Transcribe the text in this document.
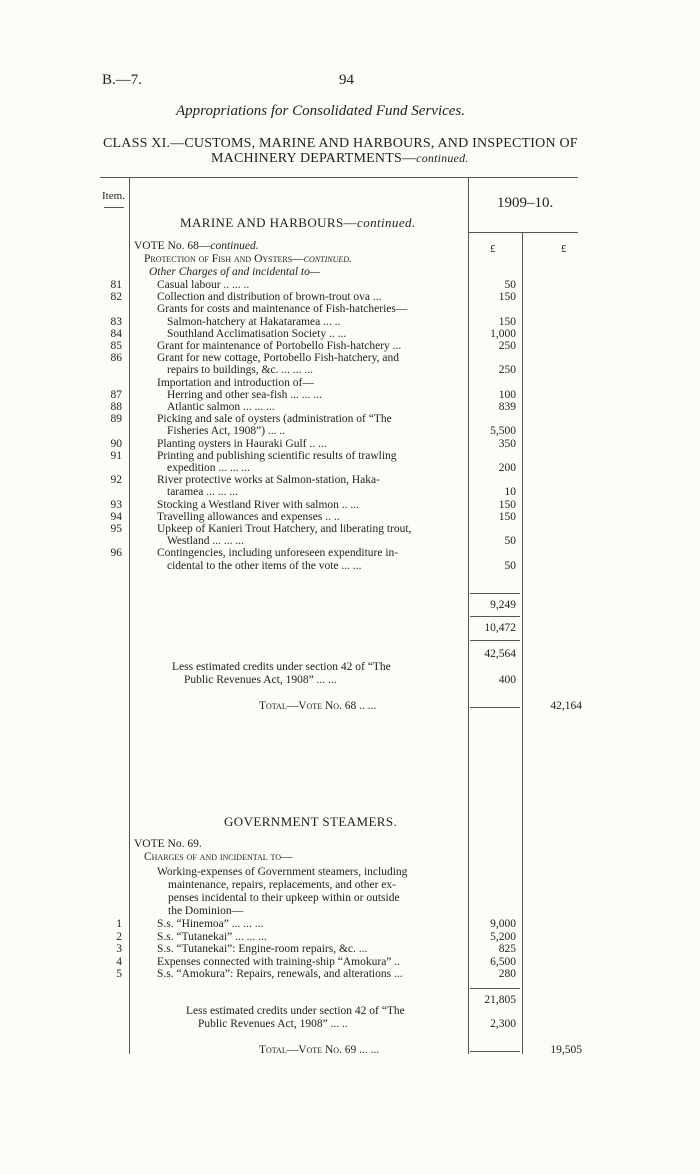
B.—7.	94
Appropriations for Consolidated Fund Services.
CLASS XI.—CUSTOMS, MARINE AND HARBOURS, AND INSPECTION OF
MACHINERY DEPARTMENTS—continued.
Item.	1909–10.
£	£
MARINE AND HARBOURS—continued.
VOTE No. 68—continued.
Protection of Fish and Oysters—continued.
Other Charges of and incidental to—
81	Casual labour .. ... ..	50
82	Collection and distribution of brown-trout ova ...	150
Grants for costs and maintenance of Fish-hatcheries—
83	Salmon-hatchery at Hakataramea ... ..	150
84	Southland Acclimatisation Society .. ...	1,000
85	Grant for maintenance of Portobello Fish-hatchery ...	250
86	Grant for new cottage, Portobello Fish-hatchery, and
repairs to buildings, &c. ... ... ...	250
Importation and introduction of—
87	Herring and other sea-fish ... ... ...	100
88	Atlantic salmon ... ... ...	839
89	Picking and sale of oysters (administration of “The
Fisheries Act, 1908”) ... ..	5,500
90	Planting oysters in Hauraki Gulf .. ...	350
91	Printing and publishing scientific results of trawling
expedition ... ... ...	200
92	River protective works at Salmon-station, Haka-
taramea ... ... ...	10
93	Stocking a Westland River with salmon .. ...	150
94	Travelling allowances and expenses .. ..	150
95	Upkeep of Kanieri Trout Hatchery, and liberating trout,
Westland ... ... ...	50
96	Contingencies, including unforeseen expenditure in-
cidental to the other items of the vote ... ...	50
9,249
10,472
42,564
Less estimated credits under section 42 of “The
Public Revenues Act, 1908” ... ...	400
Total—Vote No. 68 .. ...	42,164
GOVERNMENT STEAMERS.
VOTE No. 69.
Charges of and incidental to—
Working-expenses of Government steamers, including
maintenance, repairs, replacements, and other ex-
penses incidental to their upkeep within or outside
the Dominion—
1	S.s. “Hinemoa” ... ... ...	9,000
2	S.s. “Tutanekai” ... ... ...	5,200
3	S.s. “Tutanekai”: Engine-room repairs, &c. ...	825
4	Expenses connected with training-ship “Amokura” ..	6,500
5	S.s. “Amokura”: Repairs, renewals, and alterations ...	280
21,805
Less estimated credits under section 42 of “The
Public Revenues Act, 1908” ... ..	2,300
Total—Vote No. 69 ... ...	19,505
